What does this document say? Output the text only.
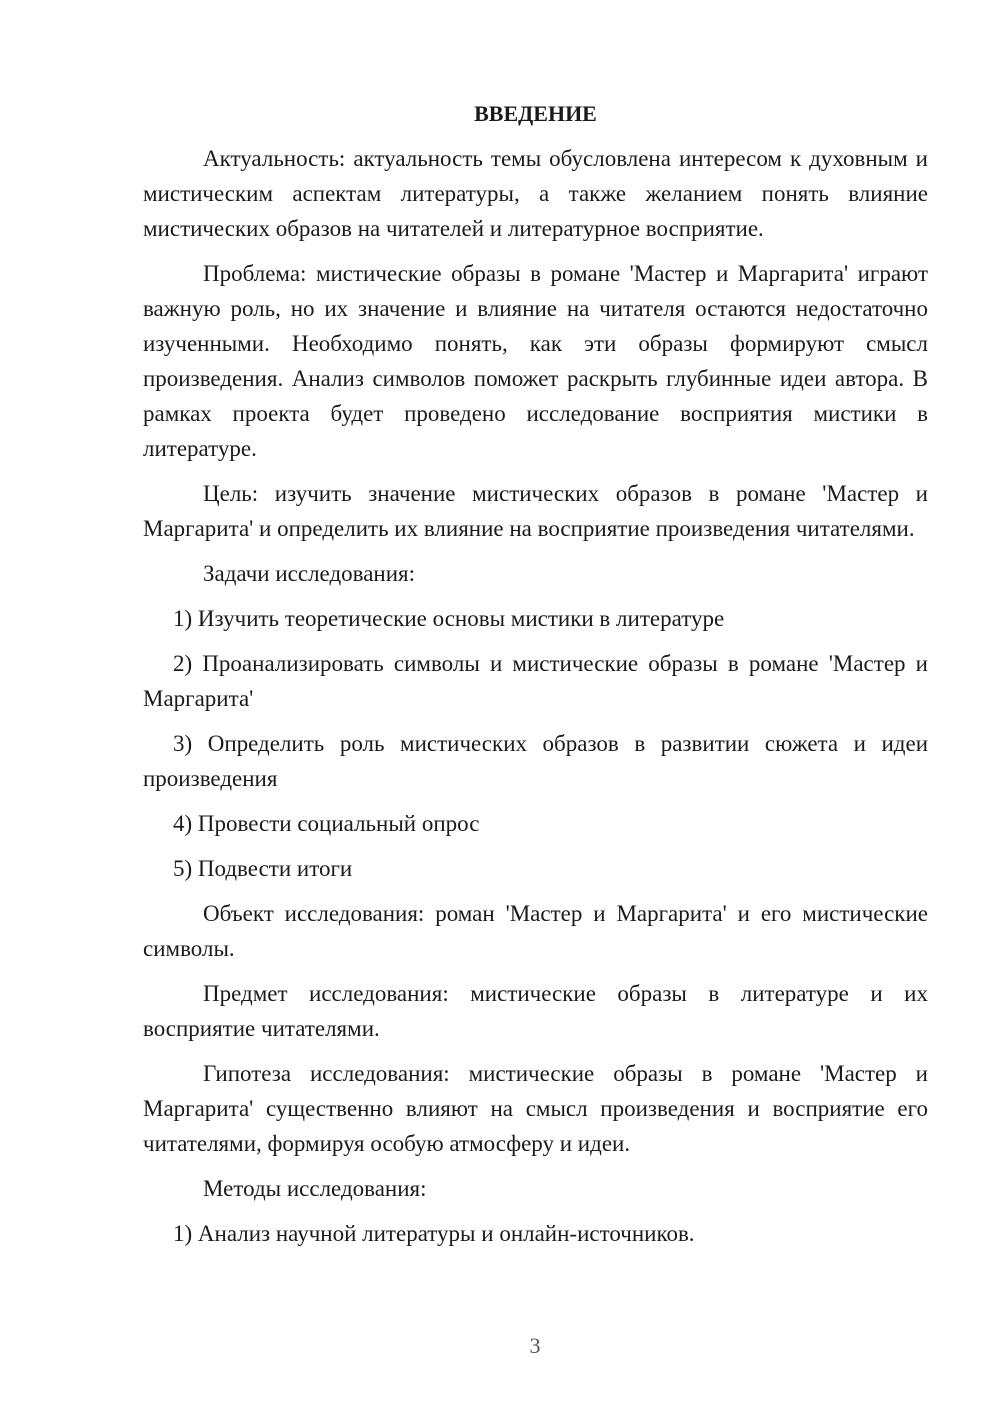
ВВЕДЕНИЕ

Актуальность: актуальность темы обусловлена интересом к духовным и мистическим аспектам литературы, а также желанием понять влияние мистических образов на читателей и литературное восприятие.

Проблема: мистические образы в романе 'Мастер и Маргарита' играют важную роль, но их значение и влияние на читателя остаются недостаточно изученными. Необходимо понять, как эти образы формируют смысл произведения. Анализ символов поможет раскрыть глубинные идеи автора. В рамках проекта будет проведено исследование восприятия мистики в литературе.

Цель: изучить значение мистических образов в романе 'Мастер и Маргарита' и определить их влияние на восприятие произведения читателями.

Задачи исследования:

1) Изучить теоретические основы мистики в литературе

2) Проанализировать символы и мистические образы в романе 'Мастер и Маргарита'

3) Определить роль мистических образов в развитии сюжета и идеи произведения

4) Провести социальный опрос

5) Подвести итоги

Объект исследования: роман 'Мастер и Маргарита' и его мистические символы.

Предмет исследования: мистические образы в литературе и их восприятие читателями.

Гипотеза исследования: мистические образы в романе 'Мастер и Маргарита' существенно влияют на смысл произведения и восприятие его читателями, формируя особую атмосферу и идеи.

Методы исследования:

1) Анализ научной литературы и онлайн-источников.

3
